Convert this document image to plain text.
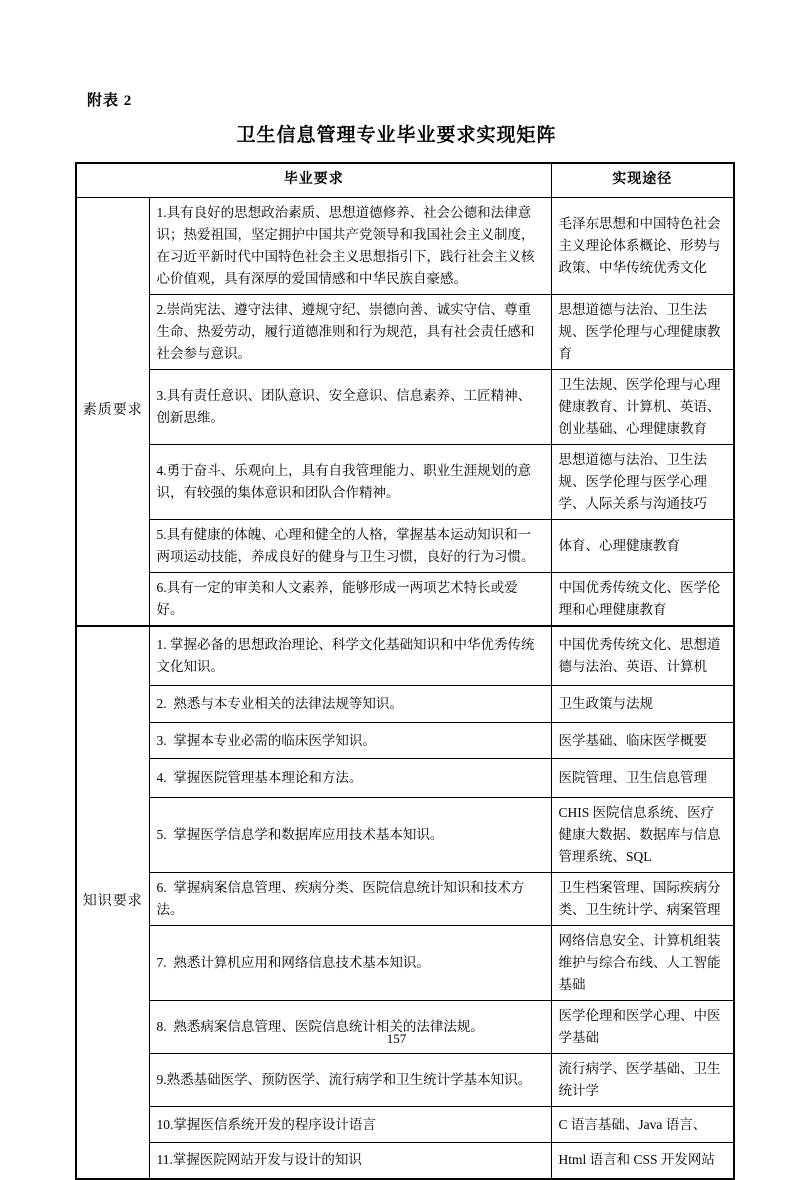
附表 2
卫生信息管理专业毕业要求实现矩阵
毕业要求		实现途径
素质要求	1.具有良好的思想政治素质、思想道德修养、社会公德和法律意识；热爱祖国，坚定拥护中国共产党领导和我国社会主义制度，在习近平新时代中国特色社会主义思想指引下，践行社会主义核心价值观，具有深厚的爱国情感和中华民族自豪感。	毛泽东思想和中国特色社会主义理论体系概论、形势与政策、中华传统优秀文化
	2.崇尚宪法、遵守法律、遵规守纪、崇德向善、诚实守信、尊重生命、热爱劳动，履行道德准则和行为规范，具有社会责任感和社会参与意识。	思想道德与法治、卫生法规、医学伦理与心理健康教育
	3.具有责任意识、团队意识、安全意识、信息素养、工匠精神、创新思维。	卫生法规、医学伦理与心理健康教育、计算机、英语、创业基础、心理健康教育
	4.勇于奋斗、乐观向上，具有自我管理能力、职业生涯规划的意识，有较强的集体意识和团队合作精神。	思想道德与法治、卫生法规、医学伦理与医学心理学、人际关系与沟通技巧
	5.具有健康的体魄、心理和健全的人格，掌握基本运动知识和一两项运动技能，养成良好的健身与卫生习惯，良好的行为习惯。	体育、心理健康教育
	6.具有一定的审美和人文素养，能够形成一两项艺术特长或爱好。	中国优秀传统文化、医学伦理和心理健康教育
知识要求	1. 掌握必备的思想政治理论、科学文化基础知识和中华优秀传统文化知识。	中国优秀传统文化、思想道德与法治、英语、计算机
	2.  熟悉与本专业相关的法律法规等知识。	卫生政策与法规
	3.  掌握本专业必需的临床医学知识。	医学基础、临床医学概要
	4.  掌握医院管理基本理论和方法。	医院管理、卫生信息管理
	5.  掌握医学信息学和数据库应用技术基本知识。	CHIS 医院信息系统、医疗健康大数据、数据库与信息管理系统、SQL
	6.  掌握病案信息管理、疾病分类、医院信息统计知识和技术方法。	卫生档案管理、国际疾病分类、卫生统计学、病案管理
	7.  熟悉计算机应用和网络信息技术基本知识。	网络信息安全、计算机组装维护与综合布线、人工智能基础
	8.  熟悉病案信息管理、医院信息统计相关的法律法规。	医学伦理和医学心理、中医学基础
	9.熟悉基础医学、预防医学、流行病学和卫生统计学基本知识。	流行病学、医学基础、卫生统计学
	10.掌握医信系统开发的程序设计语言	C 语言基础、Java 语言、
	11.掌握医院网站开发与设计的知识	Html 语言和 CSS 开发网站
157
